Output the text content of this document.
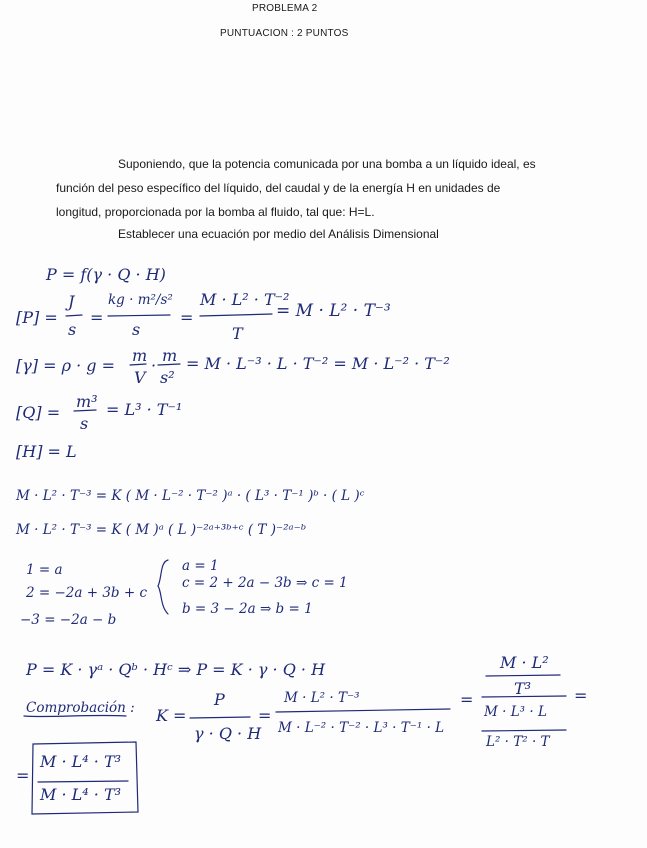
PROBLEMA 2
PUNTUACION : 2 PUNTOS
Suponiendo, que la potencia comunicada por una bomba a un líquido ideal, es
función del peso específico del líquido, del caudal y de la energía H en unidades de
longitud, proporcionada por la bomba al fluido, tal que: H=L.
Establecer una ecuación por medio del Análisis Dimensional
P = f(γ · Q · H)
[P] =
J
s
=
kg · m²/s²
s
=
M · L² · T⁻²
T
= M · L² · T⁻³
[γ] = ρ · g =
m
V
·
m
s²
= M · L⁻³ · L · T⁻² = M · L⁻² · T⁻²
[Q] =
m³
s
= L³ · T⁻¹
[H] = L
M · L² · T⁻³ = K ( M · L⁻² · T⁻² )ᵃ · ( L³ · T⁻¹ )ᵇ · ( L )ᶜ
M · L² · T⁻³ = K ( M )ᵃ ( L )⁻²ᵃ⁺³ᵇ⁺ᶜ ( T )⁻²ᵃ⁻ᵇ
1 = a
2 = −2a + 3b + c
−3 = −2a − b
a = 1
c = 2 + 2a − 3b ⇒ c = 1
b = 3 − 2a ⇒ b = 1
P = K · γᵃ · Qᵇ · Hᶜ ⇒ P = K · γ · Q · H	M · L²
T³
Comprobación : K =
P
γ · Q · H
=
M · L² · T⁻³
M · L⁻² · T⁻² · L³ · T⁻¹ · L
=
M · L³ · L
L² · T² · T
=
=
M · L⁴ · T³
M · L⁴ · T³
